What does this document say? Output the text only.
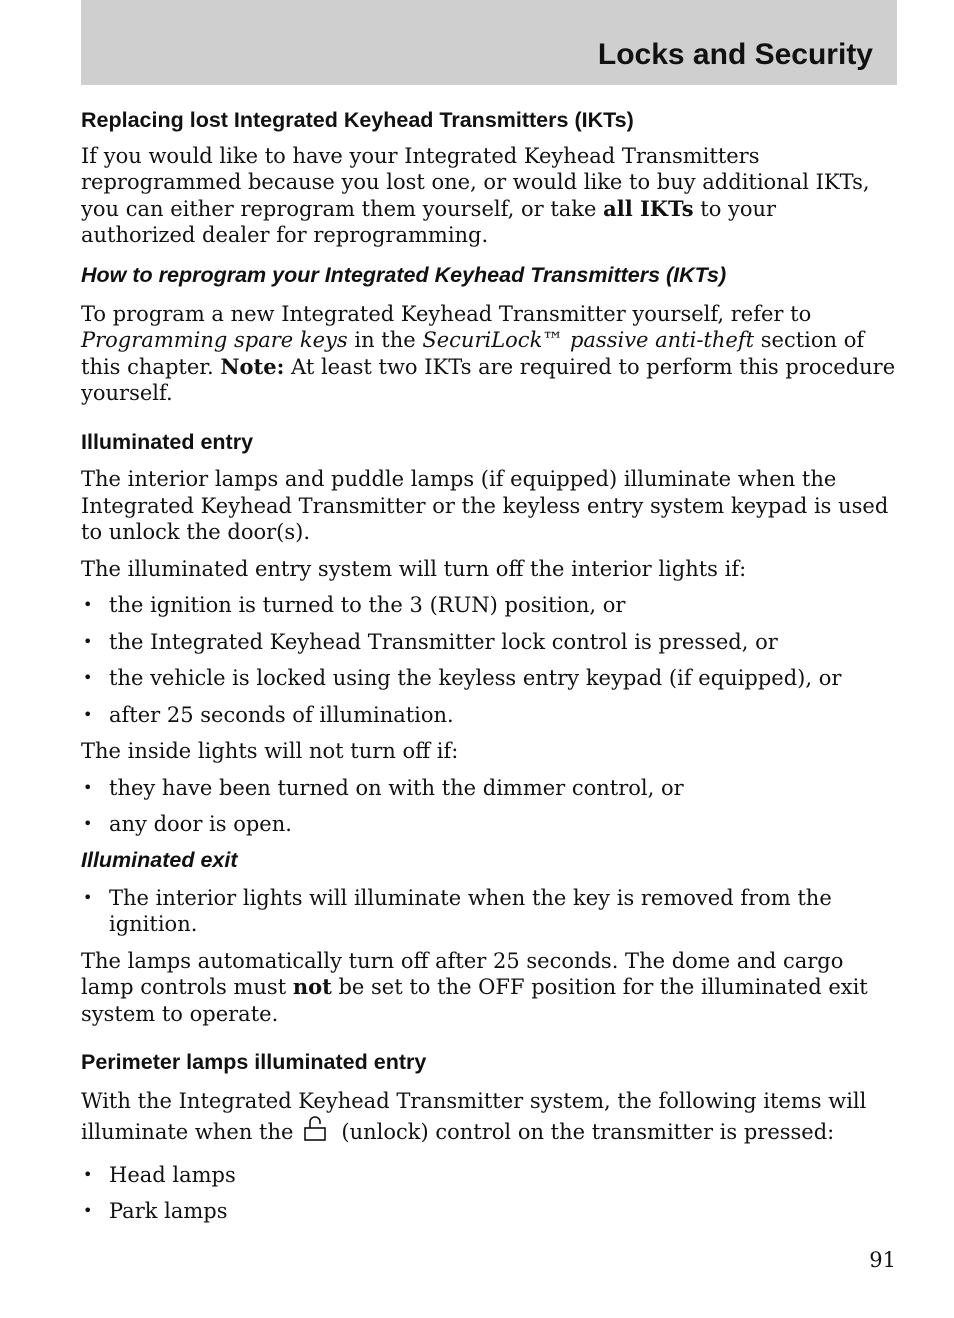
Locks and Security
Replacing lost Integrated Keyhead Transmitters (IKTs)

If you would like to have your Integrated Keyhead Transmitters reprogrammed because you lost one, or would like to buy additional IKTs, you can either reprogram them yourself, or take all IKTs to your authorized dealer for reprogramming.

How to reprogram your Integrated Keyhead Transmitters (IKTs)

To program a new Integrated Keyhead Transmitter yourself, refer to Programming spare keys in the SecuriLock™ passive anti-theft section of this chapter. Note: At least two IKTs are required to perform this procedure yourself.

Illuminated entry

The interior lamps and puddle lamps (if equipped) illuminate when the Integrated Keyhead Transmitter or the keyless entry system keypad is used to unlock the door(s).

The illuminated entry system will turn off the interior lights if:

• the ignition is turned to the 3 (RUN) position, or
• the Integrated Keyhead Transmitter lock control is pressed, or
• the vehicle is locked using the keyless entry keypad (if equipped), or
• after 25 seconds of illumination.

The inside lights will not turn off if:

• they have been turned on with the dimmer control, or
• any door is open.
Illuminated exit
• The interior lights will illuminate when the key is removed from the ignition.

The lamps automatically turn off after 25 seconds. The dome and cargo lamp controls must not be set to the OFF position for the illuminated exit system to operate.

Perimeter lamps illuminated entry

With the Integrated Keyhead Transmitter system, the following items will illuminate when the (unlock) control on the transmitter is pressed:

• Head lamps
• Park lamps
91
